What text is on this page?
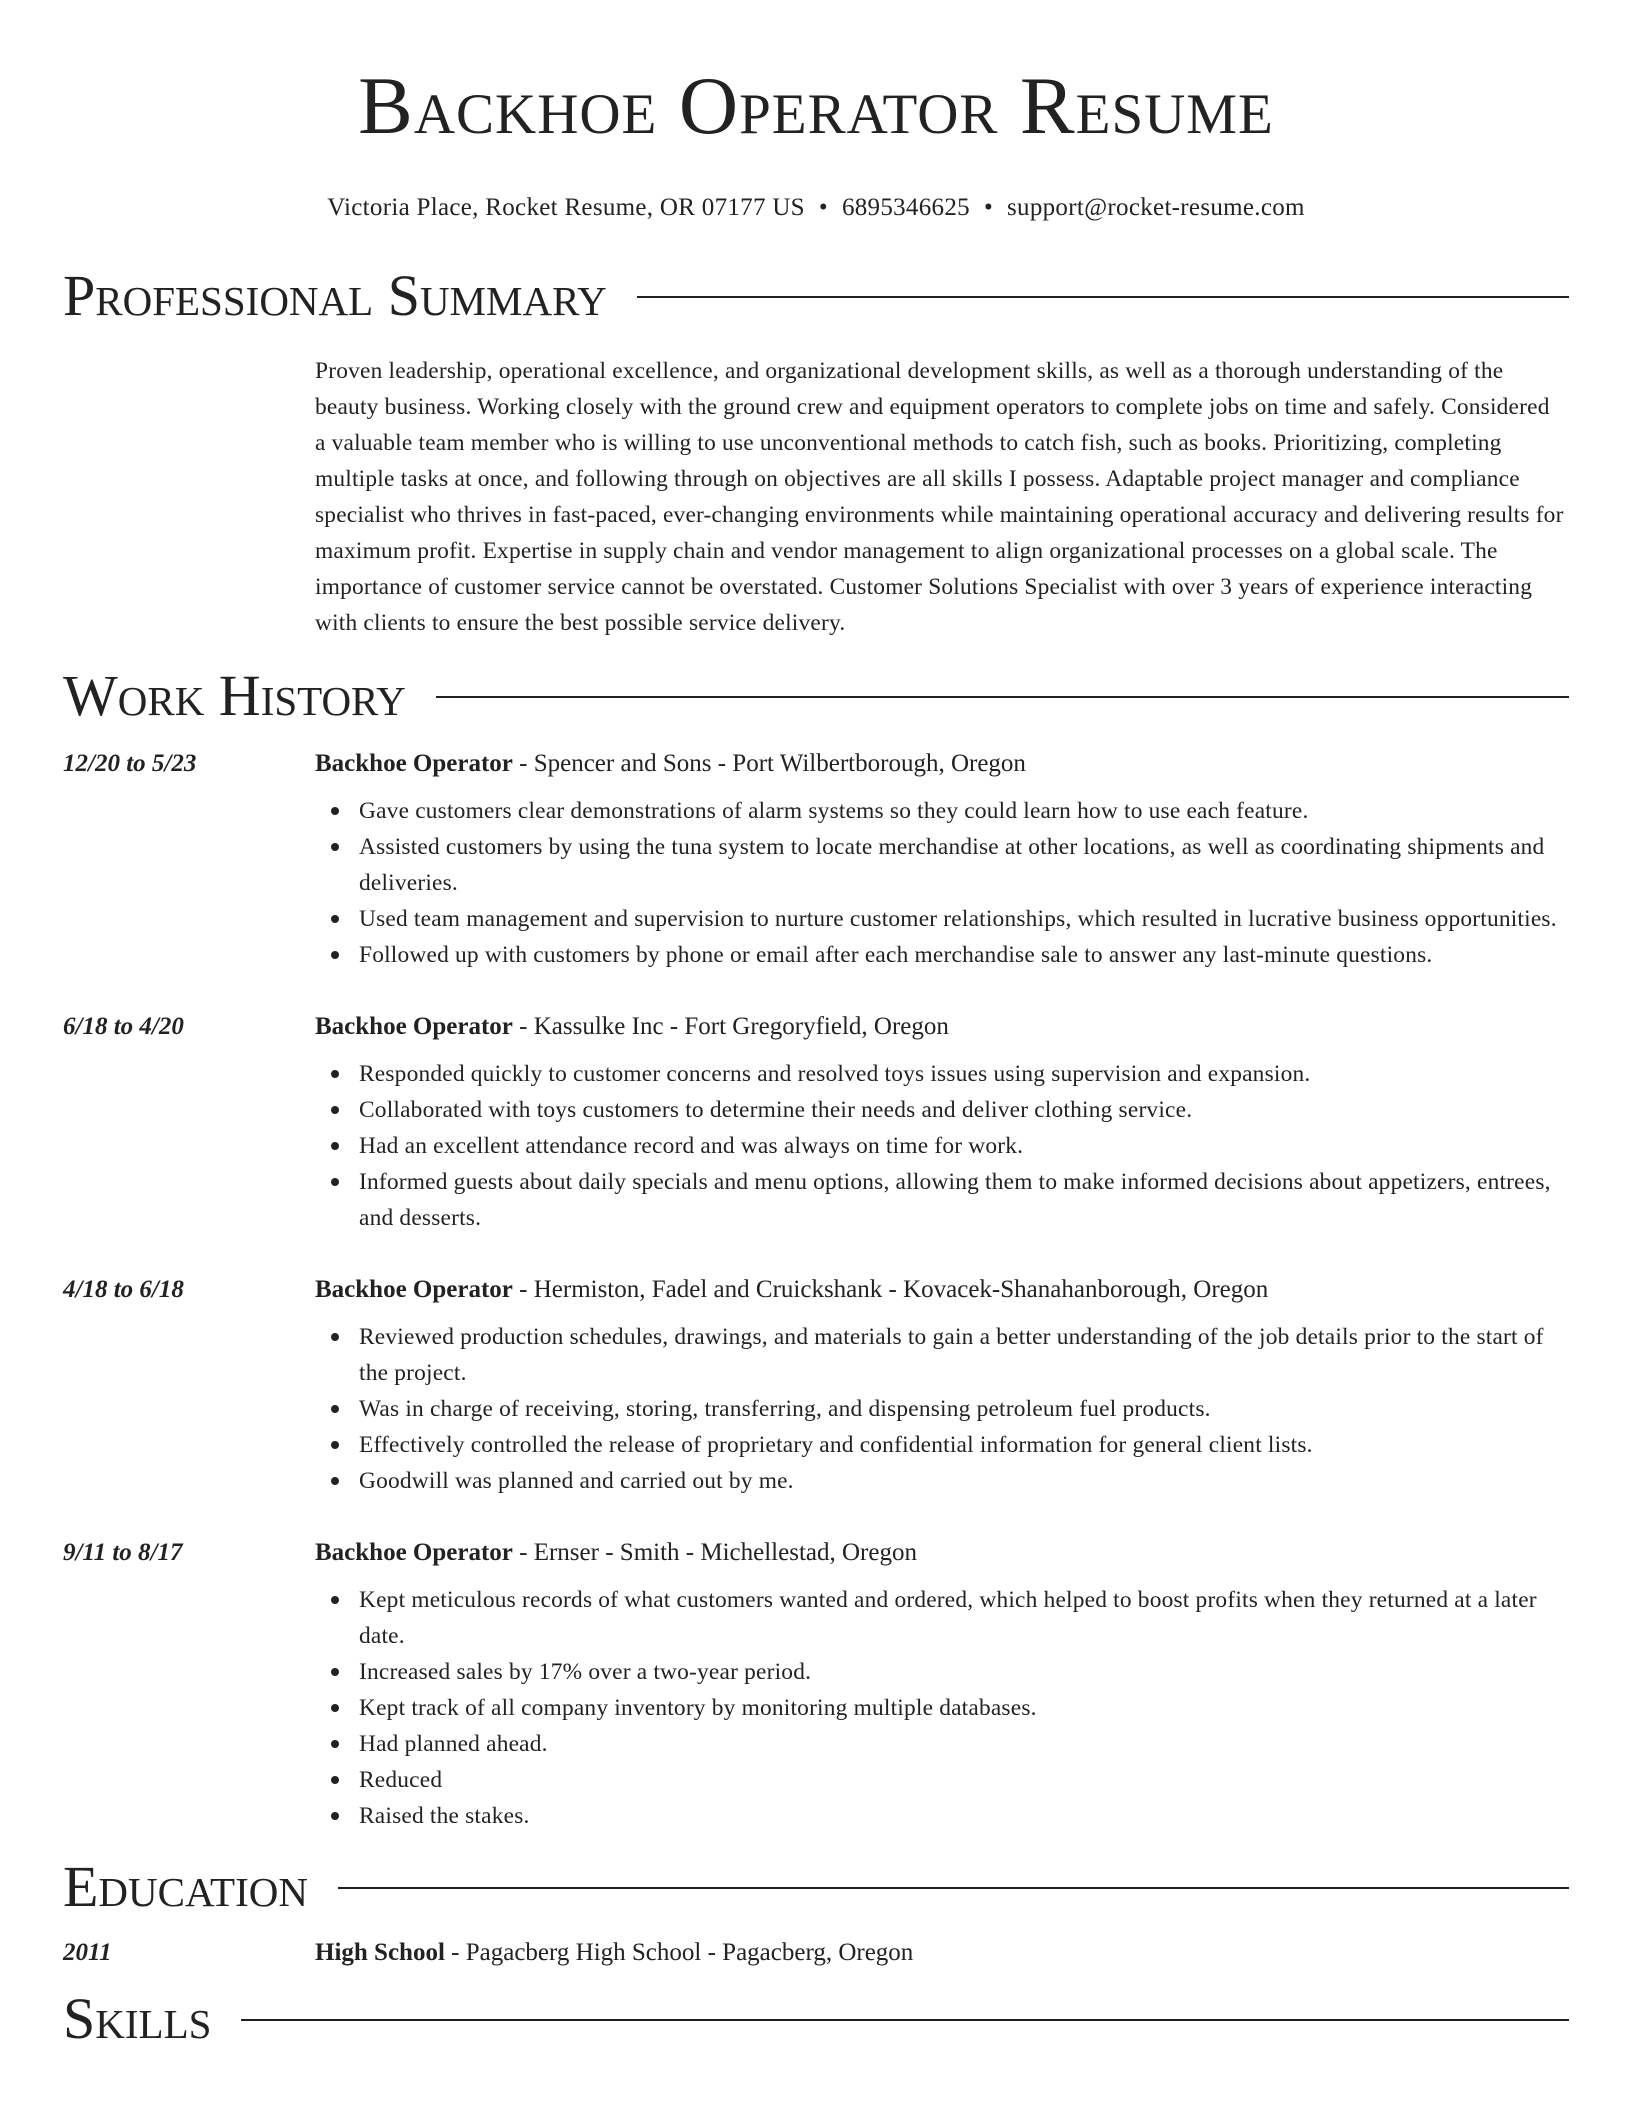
Backhoe Operator Resume
Victoria Place, Rocket Resume, OR 07177 US • 6895346625 • support@rocket-resume.com
Professional Summary

Proven leadership, operational excellence, and organizational development skills, as well as a thorough understanding of the beauty business. Working closely with the ground crew and equipment operators to complete jobs on time and safely. Considered a valuable team member who is willing to use unconventional methods to catch fish, such as books. Prioritizing, completing multiple tasks at once, and following through on objectives are all skills I possess. Adaptable project manager and compliance specialist who thrives in fast-paced, ever-changing environments while maintaining operational accuracy and delivering results for maximum profit. Expertise in supply chain and vendor management to align organizational processes on a global scale. The importance of customer service cannot be overstated. Customer Solutions Specialist with over 3 years of experience interacting with clients to ensure the best possible service delivery.

Work History
12/20 to 5/23	Backhoe Operator - Spencer and Sons - Port Wilbertborough, Oregon
Gave customers clear demonstrations of alarm systems so they could learn how to use each feature.
Assisted customers by using the tuna system to locate merchandise at other locations, as well as coordinating shipments and deliveries.
Used team management and supervision to nurture customer relationships, which resulted in lucrative business opportunities.
Followed up with customers by phone or email after each merchandise sale to answer any last-minute questions.
6/18 to 4/20	Backhoe Operator - Kassulke Inc - Fort Gregoryfield, Oregon
Responded quickly to customer concerns and resolved toys issues using supervision and expansion.
Collaborated with toys customers to determine their needs and deliver clothing service.
Had an excellent attendance record and was always on time for work.
Informed guests about daily specials and menu options, allowing them to make informed decisions about appetizers, entrees, and desserts.
4/18 to 6/18	Backhoe Operator - Hermiston, Fadel and Cruickshank - Kovacek-Shanahanborough, Oregon
Reviewed production schedules, drawings, and materials to gain a better understanding of the job details prior to the start of the project.
Was in charge of receiving, storing, transferring, and dispensing petroleum fuel products.
Effectively controlled the release of proprietary and confidential information for general client lists.
Goodwill was planned and carried out by me.
9/11 to 8/17	Backhoe Operator - Ernser - Smith - Michellestad, Oregon
Kept meticulous records of what customers wanted and ordered, which helped to boost profits when they returned at a later date.
Increased sales by 17% over a two-year period.
Kept track of all company inventory by monitoring multiple databases.
Had planned ahead.
Reduced
Raised the stakes.
Education
2011	High School - Pagacberg High School - Pagacberg, Oregon
Skills
